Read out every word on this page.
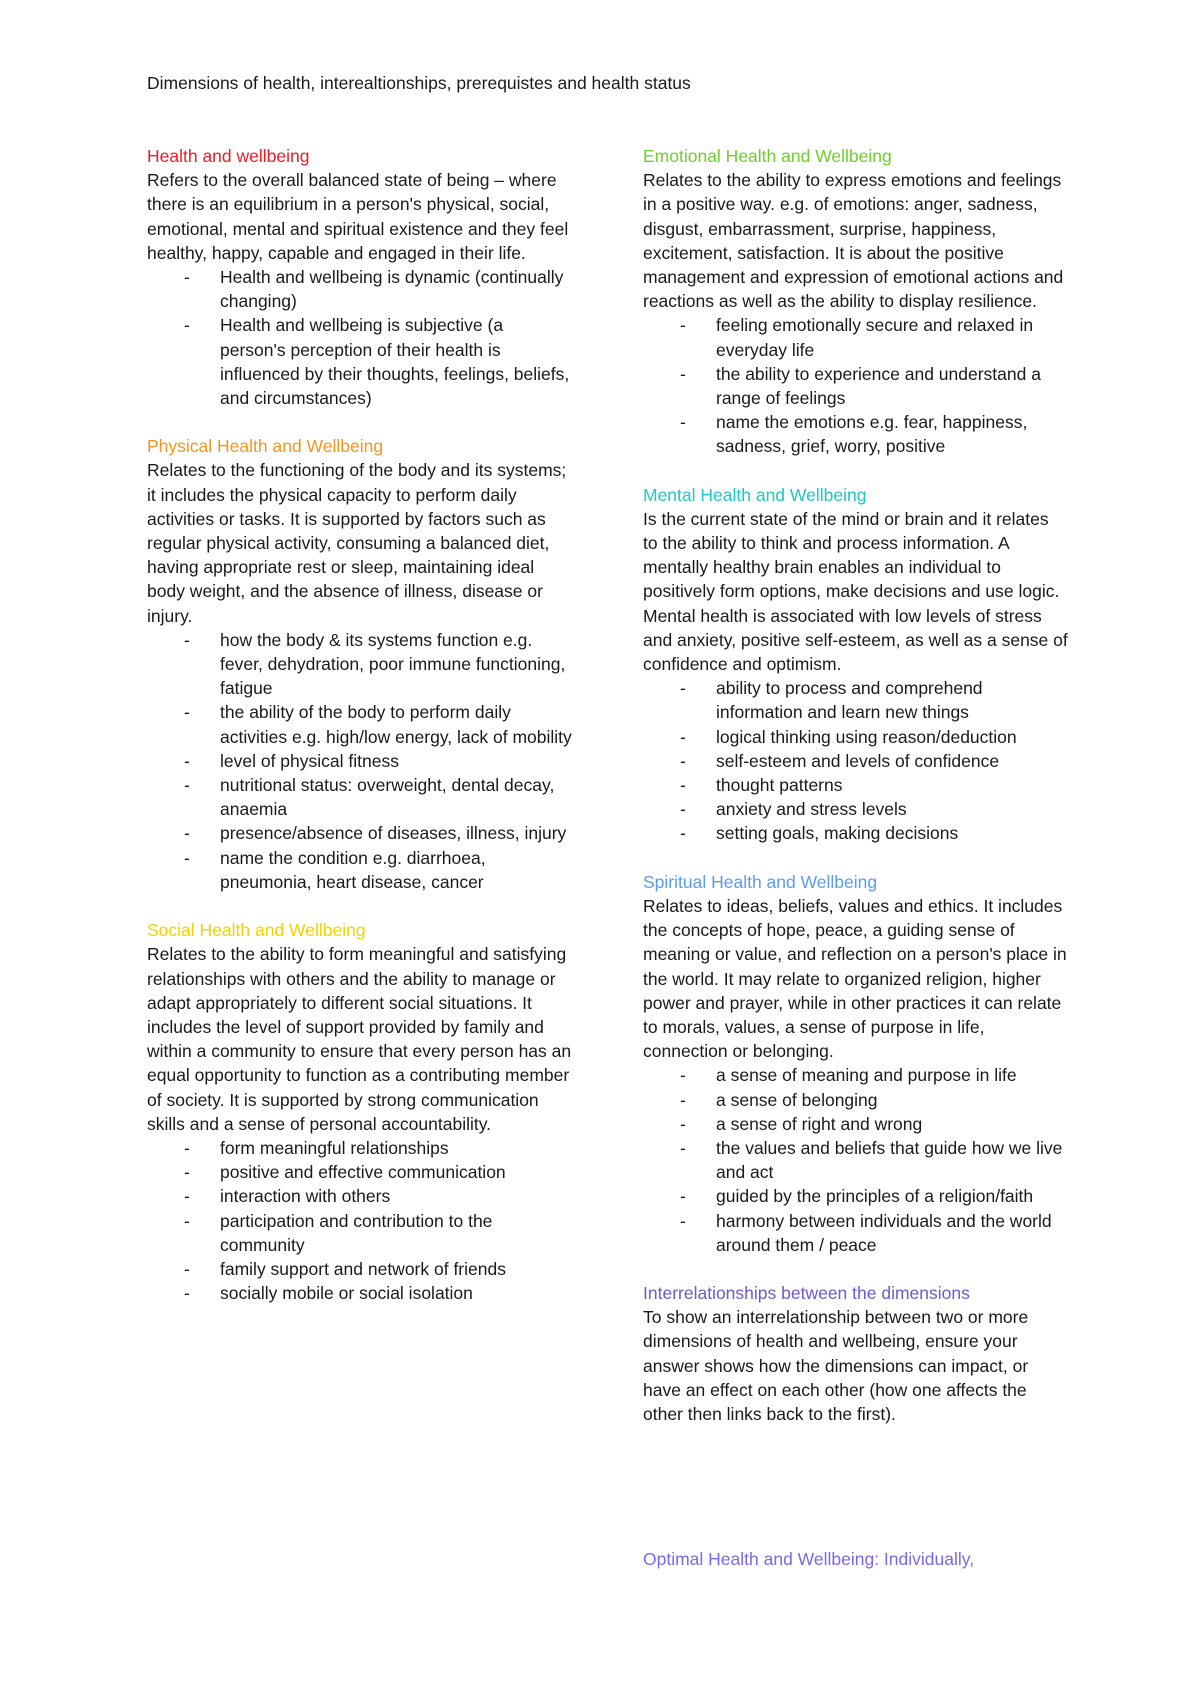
Dimensions of health, interealtionships, prerequistes and health status
Health and wellbeing

Refers to the overall balanced state of being – where there is an equilibrium in a person's physical, social, emotional, mental and spiritual existence and they feel healthy, happy, capable and engaged in their life.

- Health and wellbeing is dynamic (continually changing)
- Health and wellbeing is subjective (a person's perception of their health is influenced by their thoughts, feelings, beliefs, and circumstances)
Physical Health and Wellbeing

Relates to the functioning of the body and its systems; it includes the physical capacity to perform daily activities or tasks. It is supported by factors such as regular physical activity, consuming a balanced diet, having appropriate rest or sleep, maintaining ideal body weight, and the absence of illness, disease or injury.

- how the body & its systems function e.g. fever, dehydration, poor immune functioning, fatigue
- the ability of the body to perform daily activities e.g. high/low energy, lack of mobility
- level of physical fitness
- nutritional status: overweight, dental decay, anaemia
- presence/absence of diseases, illness, injury
- name the condition e.g. diarrhoea, pneumonia, heart disease, cancer
Social Health and Wellbeing

Relates to the ability to form meaningful and satisfying relationships with others and the ability to manage or adapt appropriately to different social situations. It includes the level of support provided by family and within a community to ensure that every person has an equal opportunity to function as a contributing member of society. It is supported by strong communication skills and a sense of personal accountability.

- form meaningful relationships
- positive and effective communication
- interaction with others
- participation and contribution to the community
- family support and network of friends
- socially mobile or social isolation
Emotional Health and Wellbeing

Relates to the ability to express emotions and feelings in a positive way. e.g. of emotions: anger, sadness, disgust, embarrassment, surprise, happiness, excitement, satisfaction. It is about the positive management and expression of emotional actions and reactions as well as the ability to display resilience.

- feeling emotionally secure and relaxed in everyday life
- the ability to experience and understand a range of feelings
- name the emotions e.g. fear, happiness, sadness, grief, worry, positive
Mental Health and Wellbeing

Is the current state of the mind or brain and it relates to the ability to think and process information. A mentally healthy brain enables an individual to positively form options, make decisions and use logic. Mental health is associated with low levels of stress and anxiety, positive self-esteem, as well as a sense of confidence and optimism.

- ability to process and comprehend information and learn new things
- logical thinking using reason/deduction
- self-esteem and levels of confidence
- thought patterns
- anxiety and stress levels
- setting goals, making decisions
Spiritual Health and Wellbeing

Relates to ideas, beliefs, values and ethics. It includes the concepts of hope, peace, a guiding sense of meaning or value, and reflection on a person's place in the world. It may relate to organized religion, higher power and prayer, while in other practices it can relate to morals, values, a sense of purpose in life, connection or belonging.

- a sense of meaning and purpose in life
- a sense of belonging
- a sense of right and wrong
- the values and beliefs that guide how we live and act
- guided by the principles of a religion/faith
- harmony between individuals and the world around them / peace
Interrelationships between the dimensions

To show an interrelationship between two or more dimensions of health and wellbeing, ensure your answer shows how the dimensions can impact, or have an effect on each other (how one affects the other then links back to the first).

Optimal Health and Wellbeing: Individually,
